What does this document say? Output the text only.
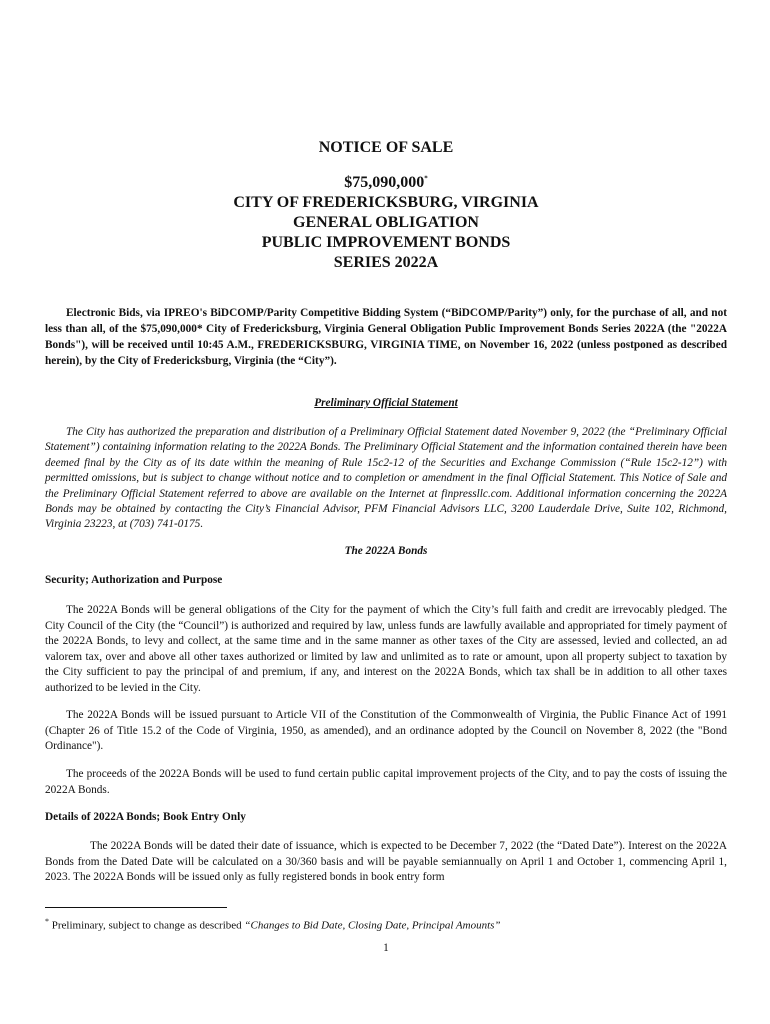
NOTICE OF SALE
$75,090,000*
CITY OF FREDERICKSBURG, VIRGINIA
GENERAL OBLIGATION
PUBLIC IMPROVEMENT BONDS
SERIES 2022A
Electronic Bids, via IPREO's BiDCOMP/Parity Competitive Bidding System (“BiDCOMP/Parity”) only, for the purchase of all, and not less than all, of the $75,090,000* City of Fredericksburg, Virginia General Obligation Public Improvement Bonds Series 2022A (the "2022A Bonds"), will be received until 10:45 A.M., FREDERICKSBURG, VIRGINIA TIME, on November 16, 2022 (unless postponed as described herein), by the City of Fredericksburg, Virginia (the “City”).
Preliminary Official Statement
The City has authorized the preparation and distribution of a Preliminary Official Statement dated November 9, 2022 (the “Preliminary Official Statement”) containing information relating to the 2022A Bonds. The Preliminary Official Statement and the information contained therein have been deemed final by the City as of its date within the meaning of Rule 15c2-12 of the Securities and Exchange Commission (“Rule 15c2-12”) with permitted omissions, but is subject to change without notice and to completion or amendment in the final Official Statement. This Notice of Sale and the Preliminary Official Statement referred to above are available on the Internet at finpressllc.com. Additional information concerning the 2022A Bonds may be obtained by contacting the City’s Financial Advisor, PFM Financial Advisors LLC, 3200 Lauderdale Drive, Suite 102, Richmond, Virginia 23223, at (703) 741-0175.
The 2022A Bonds
Security; Authorization and Purpose
The 2022A Bonds will be general obligations of the City for the payment of which the City’s full faith and credit are irrevocably pledged. The City Council of the City (the “Council”) is authorized and required by law, unless funds are lawfully available and appropriated for timely payment of the 2022A Bonds, to levy and collect, at the same time and in the same manner as other taxes of the City are assessed, levied and collected, an ad valorem tax, over and above all other taxes authorized or limited by law and unlimited as to rate or amount, upon all property subject to taxation by the City sufficient to pay the principal of and premium, if any, and interest on the 2022A Bonds, which tax shall be in addition to all other taxes authorized to be levied in the City.
The 2022A Bonds will be issued pursuant to Article VII of the Constitution of the Commonwealth of Virginia, the Public Finance Act of 1991 (Chapter 26 of Title 15.2 of the Code of Virginia, 1950, as amended), and an ordinance adopted by the Council on November 8, 2022 (the "Bond Ordinance").
The proceeds of the 2022A Bonds will be used to fund certain public capital improvement projects of the City, and to pay the costs of issuing the 2022A Bonds.
Details of 2022A Bonds; Book Entry Only
The 2022A Bonds will be dated their date of issuance, which is expected to be December 7, 2022 (the “Dated Date”). Interest on the 2022A Bonds from the Dated Date will be calculated on a 30/360 basis and will be payable semiannually on April 1 and October 1, commencing April 1, 2023. The 2022A Bonds will be issued only as fully registered bonds in book entry form
* Preliminary, subject to change as described “Changes to Bid Date, Closing Date, Principal Amounts”
1
